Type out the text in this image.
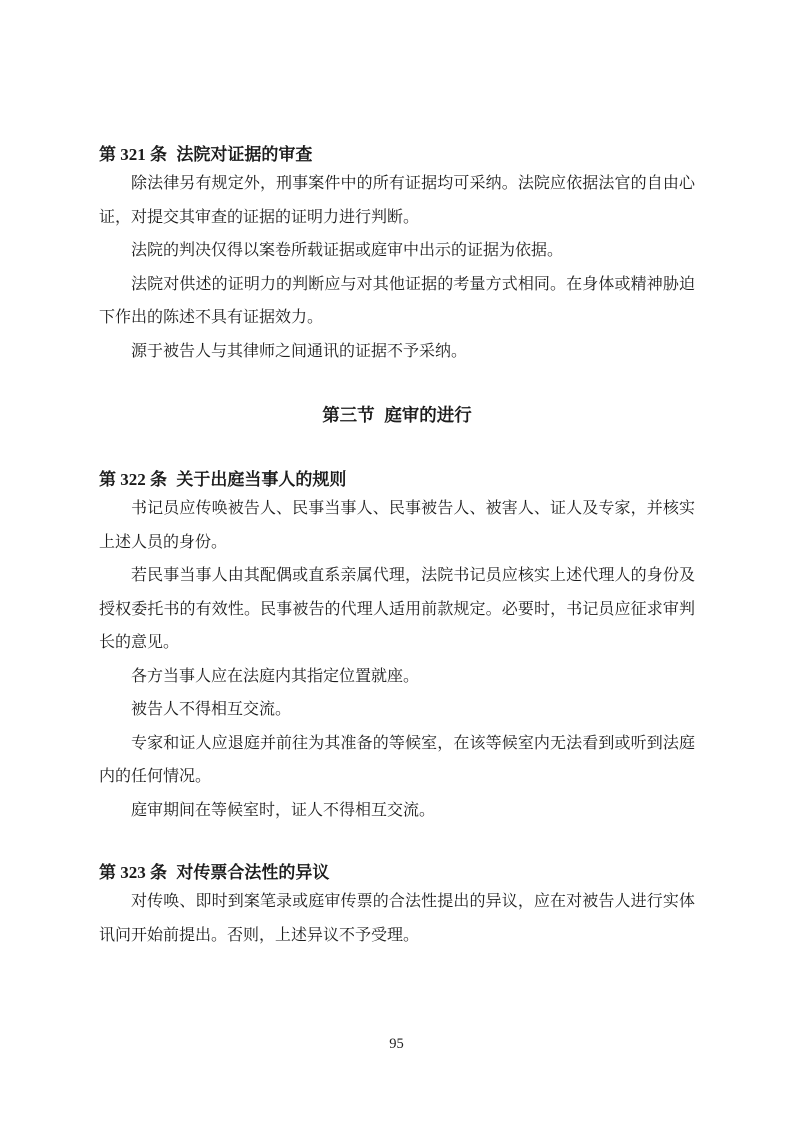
第 321 条 法院对证据的审查

除法律另有规定外，刑事案件中的所有证据均可采纳。法院应依据法官的自由心证，对提交其审查的证据的证明力进行判断。

法院的判决仅得以案卷所载证据或庭审中出示的证据为依据。

法院对供述的证明力的判断应与对其他证据的考量方式相同。在身体或精神胁迫下作出的陈述不具有证据效力。

源于被告人与其律师之间通讯的证据不予采纳。

第三节 庭审的进行
第 322 条 关于出庭当事人的规则

书记员应传唤被告人、民事当事人、民事被告人、被害人、证人及专家，并核实上述人员的身份。

若民事当事人由其配偶或直系亲属代理，法院书记员应核实上述代理人的身份及授权委托书的有效性。民事被告的代理人适用前款规定。必要时，书记员应征求审判长的意见。

各方当事人应在法庭内其指定位置就座。

被告人不得相互交流。

专家和证人应退庭并前往为其准备的等候室，在该等候室内无法看到或听到法庭内的任何情况。

庭审期间在等候室时，证人不得相互交流。

第 323 条 对传票合法性的异议

对传唤、即时到案笔录或庭审传票的合法性提出的异议，应在对被告人进行实体讯问开始前提出。否则，上述异议不予受理。

95
